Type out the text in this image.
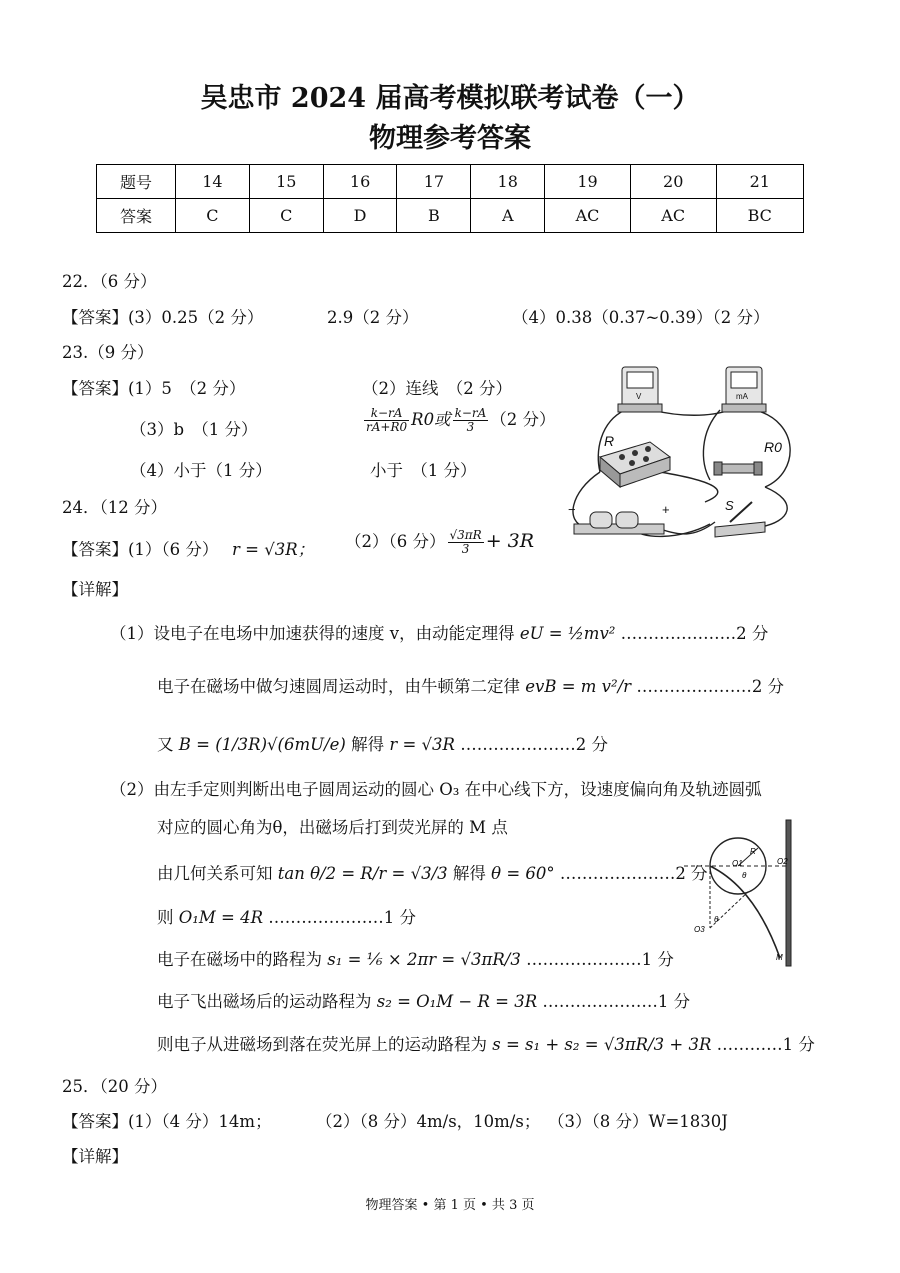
吴忠市 2024 届高考模拟联考试卷（一）
物理参考答案
题号	14	15	16	17	18	19	20	21
答案	C	C	D	B	A	AC	AC	BC
22．（6 分）
【答案】(3）0.25（2 分）	2.9（2 分）	（4）0.38（0.37~0.39）（2 分）
23.（9 分）
【答案】(1）5　（2 分）	（2）连线　（2 分）
（3）b　（1 分）	$\frac{k-rA}{rA+R0} R0$或 $\frac{k-rA}{3} (2$ 分）
（4）小于（1 分）	小于　（1 分）
V	mA
R	R0
−	+	S
24．（12 分）
【答案】(1）（6 分） r = √3R； （2）（6 分） $\frac{√3\pi R}{3} + 3R$
【详解】
（1）设电子在电场中加速获得的速度 v，由动能定理得 eU = ½mv² …………………2 分
电子在磁场中做匀速圆周运动时，由牛顿第二定律 evB = m v²/r …………………2 分
又 B = (1/3R)√(6mU/e) 解得 r = √3R …………………2 分
（2）由左手定则判断出电子圆周运动的圆心 O₃ 在中心线下方，设速度偏向角及轨迹圆弧
对应的圆心角为θ，出磁场后打到荧光屏的 M 点
由几何关系可知 tan θ/2 = R/r = √3/3 解得 θ = 60° …………………2 分
则 O₁M = 4R …………………1 分
电子在磁场中的路程为 s₁ = ⅙ × 2πr = √3πR/3 …………………1 分
电子飞出磁场后的运动路程为 s₂ = O₁M − R = 3R …………………1 分
则电子从进磁场到落在荧光屏上的运动路程为 s = s₁ + s₂ = √3πR/3 + 3R …………1 分
O1	O2
O3
R
θ
θ
M
25．（20 分）
【答案】(1）（4 分）14m；	（2）（8 分）4m/s，10m/s； （3）（8 分）W=1830J
【详解】
物理答案 • 第 1 页 • 共 3 页
